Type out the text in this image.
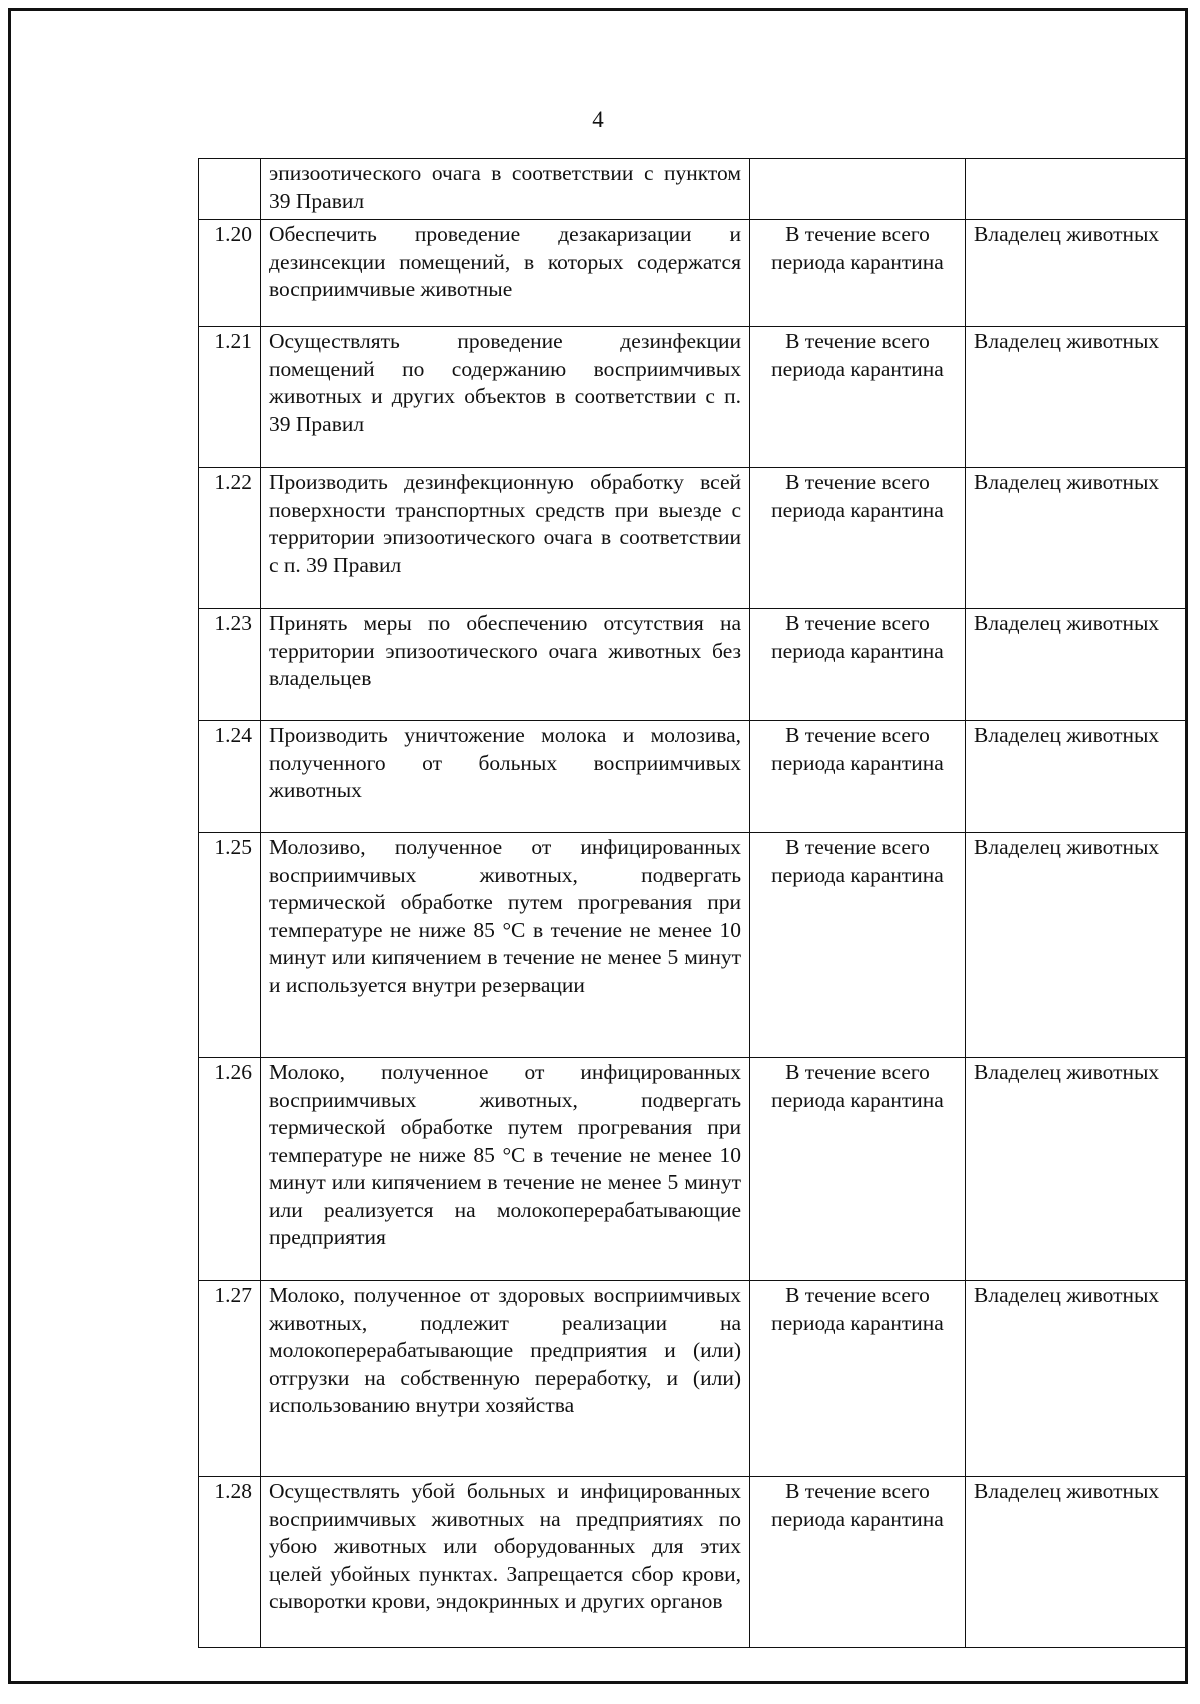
4
	эпизоотического очага в соответствии с пунктом 39 Правил		
1.20	Обеспечить проведение дезакаризации и дезинсекции помещений, в которых содержатся восприимчивые животные	В течение всего периода карантина	Владелец животных
1.21	Осуществлять проведение дезинфекции помещений по содержанию восприимчивых животных и других объектов в соответствии с п. 39 Правил	В течение всего периода карантина	Владелец животных
1.22	Производить дезинфекционную обработку всей поверхности транспортных средств при выезде с территории эпизоотического очага в соответствии с п. 39 Правил	В течение всего периода карантина	Владелец животных
1.23	Принять меры по обеспечению отсутствия на территории эпизоотического очага животных без владельцев	В течение всего периода карантина	Владелец животных
1.24	Производить уничтожение молока и молозива, полученного от больных восприимчивых животных	В течение всего периода карантина	Владелец животных
1.25	Молозиво, полученное от инфицированных восприимчивых животных, подвергать термической обработке путем прогревания при температуре не ниже 85 °С в течение не менее 10 минут или кипячением в течение не менее 5 минут и используется внутри резервации	В течение всего периода карантина	Владелец животных
1.26	Молоко, полученное от инфицированных восприимчивых животных, подвергать термической обработке путем прогревания при температуре не ниже 85 °С в течение не менее 10 минут или кипячением в течение не менее 5 минут или реализуется на молокоперерабатывающие предприятия	В течение всего периода карантина	Владелец животных
1.27	Молоко, полученное от здоровых восприимчивых животных, подлежит реализации на молокоперерабатывающие предприятия и (или) отгрузки на собственную переработку, и (или) использованию внутри хозяйства	В течение всего периода карантина	Владелец животных
1.28	Осуществлять убой больных и инфицированных восприимчивых животных на предприятиях по убою животных или оборудованных для этих целей убойных пунктах. Запрещается сбор крови, сыворотки крови, эндокринных и других органов	В течение всего периода карантина	Владелец животных
